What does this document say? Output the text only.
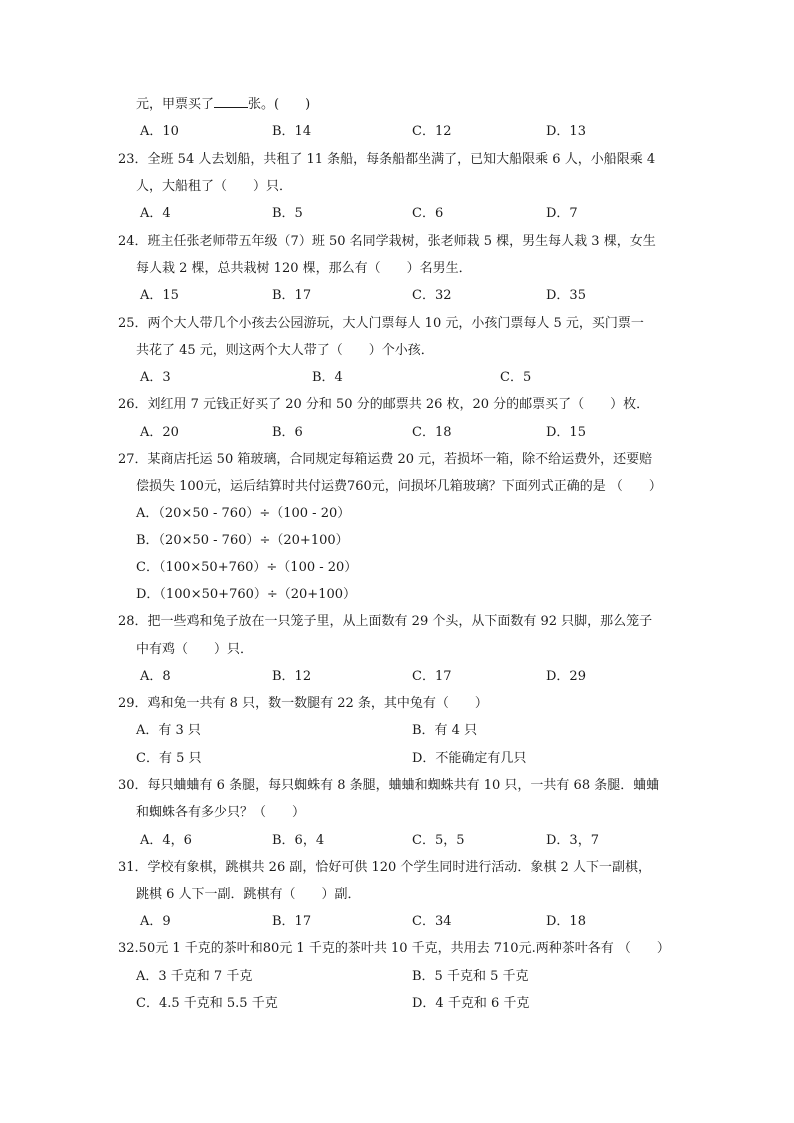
元，甲票买了	张。(　　)
A．10	B．14	C．12	D．13
23．全班 54 人去划船，共租了 11 条船，每条船都坐满了，已知大船限乘 6 人，小船限乘 4
人，大船租了（　　）只．
A．4	B．5	C．6	D．7
24．班主任张老师带五年级（7）班 50 名同学栽树，张老师栽 5 棵，男生每人栽 3 棵，女生
每人栽 2 棵，总共栽树 120 棵，那么有（　　）名男生．
A．15	B．17	C．32	D．35
25．两个大人带几个小孩去公园游玩，大人门票每人 10 元，小孩门票每人 5 元，买门票一
共花了 45 元，则这两个大人带了（　　）个小孩．
A．3	B．4	C．5
26．刘红用 7 元钱正好买了 20 分和 50 分的邮票共 26 枚，20 分的邮票买了（　　）枚．
A．20	B．6	C．18	D．15
27．某商店托运 50 箱玻璃，合同规定每箱运费 20 元，若损坏一箱，除不给运费外，还要赔
偿损失 100元，运后结算时共付运费760元，问损坏几箱玻璃？下面列式正确的是 （　　）
A．（20×50 - 760）÷（100 - 20）
B．（20×50 - 760）÷（20+100）
C．（100×50+760）÷（100 - 20）
D．（100×50+760）÷（20+100）
28．把一些鸡和兔子放在一只笼子里，从上面数有 29 个头，从下面数有 92 只脚，那么笼子
中有鸡（　　）只．
A．8	B．12	C．17	D．29
29．鸡和兔一共有 8 只，数一数腿有 22 条，其中兔有（　　）
A．有 3 只	B．有 4 只
C．有 5 只	D．不能确定有几只
30．每只蛐蛐有 6 条腿，每只蜘蛛有 8 条腿，蛐蛐和蜘蛛共有 10 只，一共有 68 条腿．蛐蛐
和蜘蛛各有多少只？（　　）
A．4，6	B．6，4	C．5，5	D．3，7
31．学校有象棋，跳棋共 26 副，恰好可供 120 个学生同时进行活动．象棋 2 人下一副棋，
跳棋 6 人下一副．跳棋有（　　）副．
A．9	B．17	C．34	D．18
32.50元 1 千克的茶叶和80元 1 千克的茶叶共 10 千克，共用去 710元.两种茶叶各有 （　　）
A．3 千克和 7 千克	B．5 千克和 5 千克
C．4.5 千克和 5.5 千克	D．4 千克和 6 千克
